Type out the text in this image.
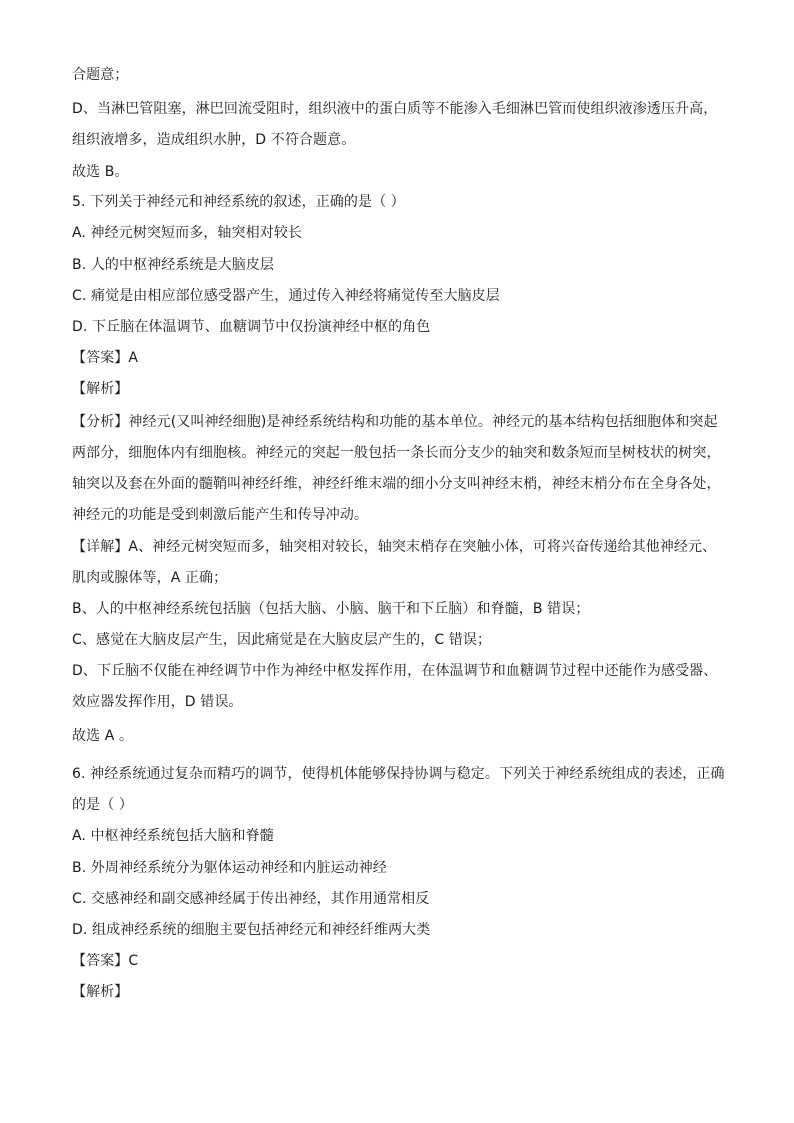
合题意；
D、当淋巴管阻塞，淋巴回流受阻时，组织液中的蛋白质等不能渗入毛细淋巴管而使组织液渗透压升高，
组织液增多，造成组织水肿，D 不符合题意。
故选 B。
5. 下列关于神经元和神经系统的叙述，正确的是（ ）
A. 神经元树突短而多，轴突相对较长
B. 人的中枢神经系统是大脑皮层
C. 痛觉是由相应部位感受器产生，通过传入神经将痛觉传至大脑皮层
D. 下丘脑在体温调节、血糖调节中仅扮演神经中枢的角色
【答案】A
【解析】
【分析】神经元(又叫神经细胞)是神经系统结构和功能的基本单位。神经元的基本结构包括细胞体和突起
两部分，细胞体内有细胞核。神经元的突起一般包括一条长而分支少的轴突和数条短而呈树枝状的树突，
轴突以及套在外面的髓鞘叫神经纤维，神经纤维末端的细小分支叫神经末梢，神经末梢分布在全身各处，
神经元的功能是受到刺激后能产生和传导冲动。
【详解】A、神经元树突短而多，轴突相对较长，轴突末梢存在突触小体，可将兴奋传递给其他神经元、
肌肉或腺体等，A 正确；
B、人的中枢神经系统包括脑（包括大脑、小脑、脑干和下丘脑）和脊髓，B 错误；
C、感觉在大脑皮层产生，因此痛觉是在大脑皮层产生的，C 错误；
D、下丘脑不仅能在神经调节中作为神经中枢发挥作用，在体温调节和血糖调节过程中还能作为感受器、
效应器发挥作用，D 错误。
故选 A 。
6. 神经系统通过复杂而精巧的调节，使得机体能够保持协调与稳定。下列关于神经系统组成的表述，正确
的是（ ）
A. 中枢神经系统包括大脑和脊髓
B. 外周神经系统分为躯体运动神经和内脏运动神经
C. 交感神经和副交感神经属于传出神经，其作用通常相反
D. 组成神经系统的细胞主要包括神经元和神经纤维两大类
【答案】C
【解析】
